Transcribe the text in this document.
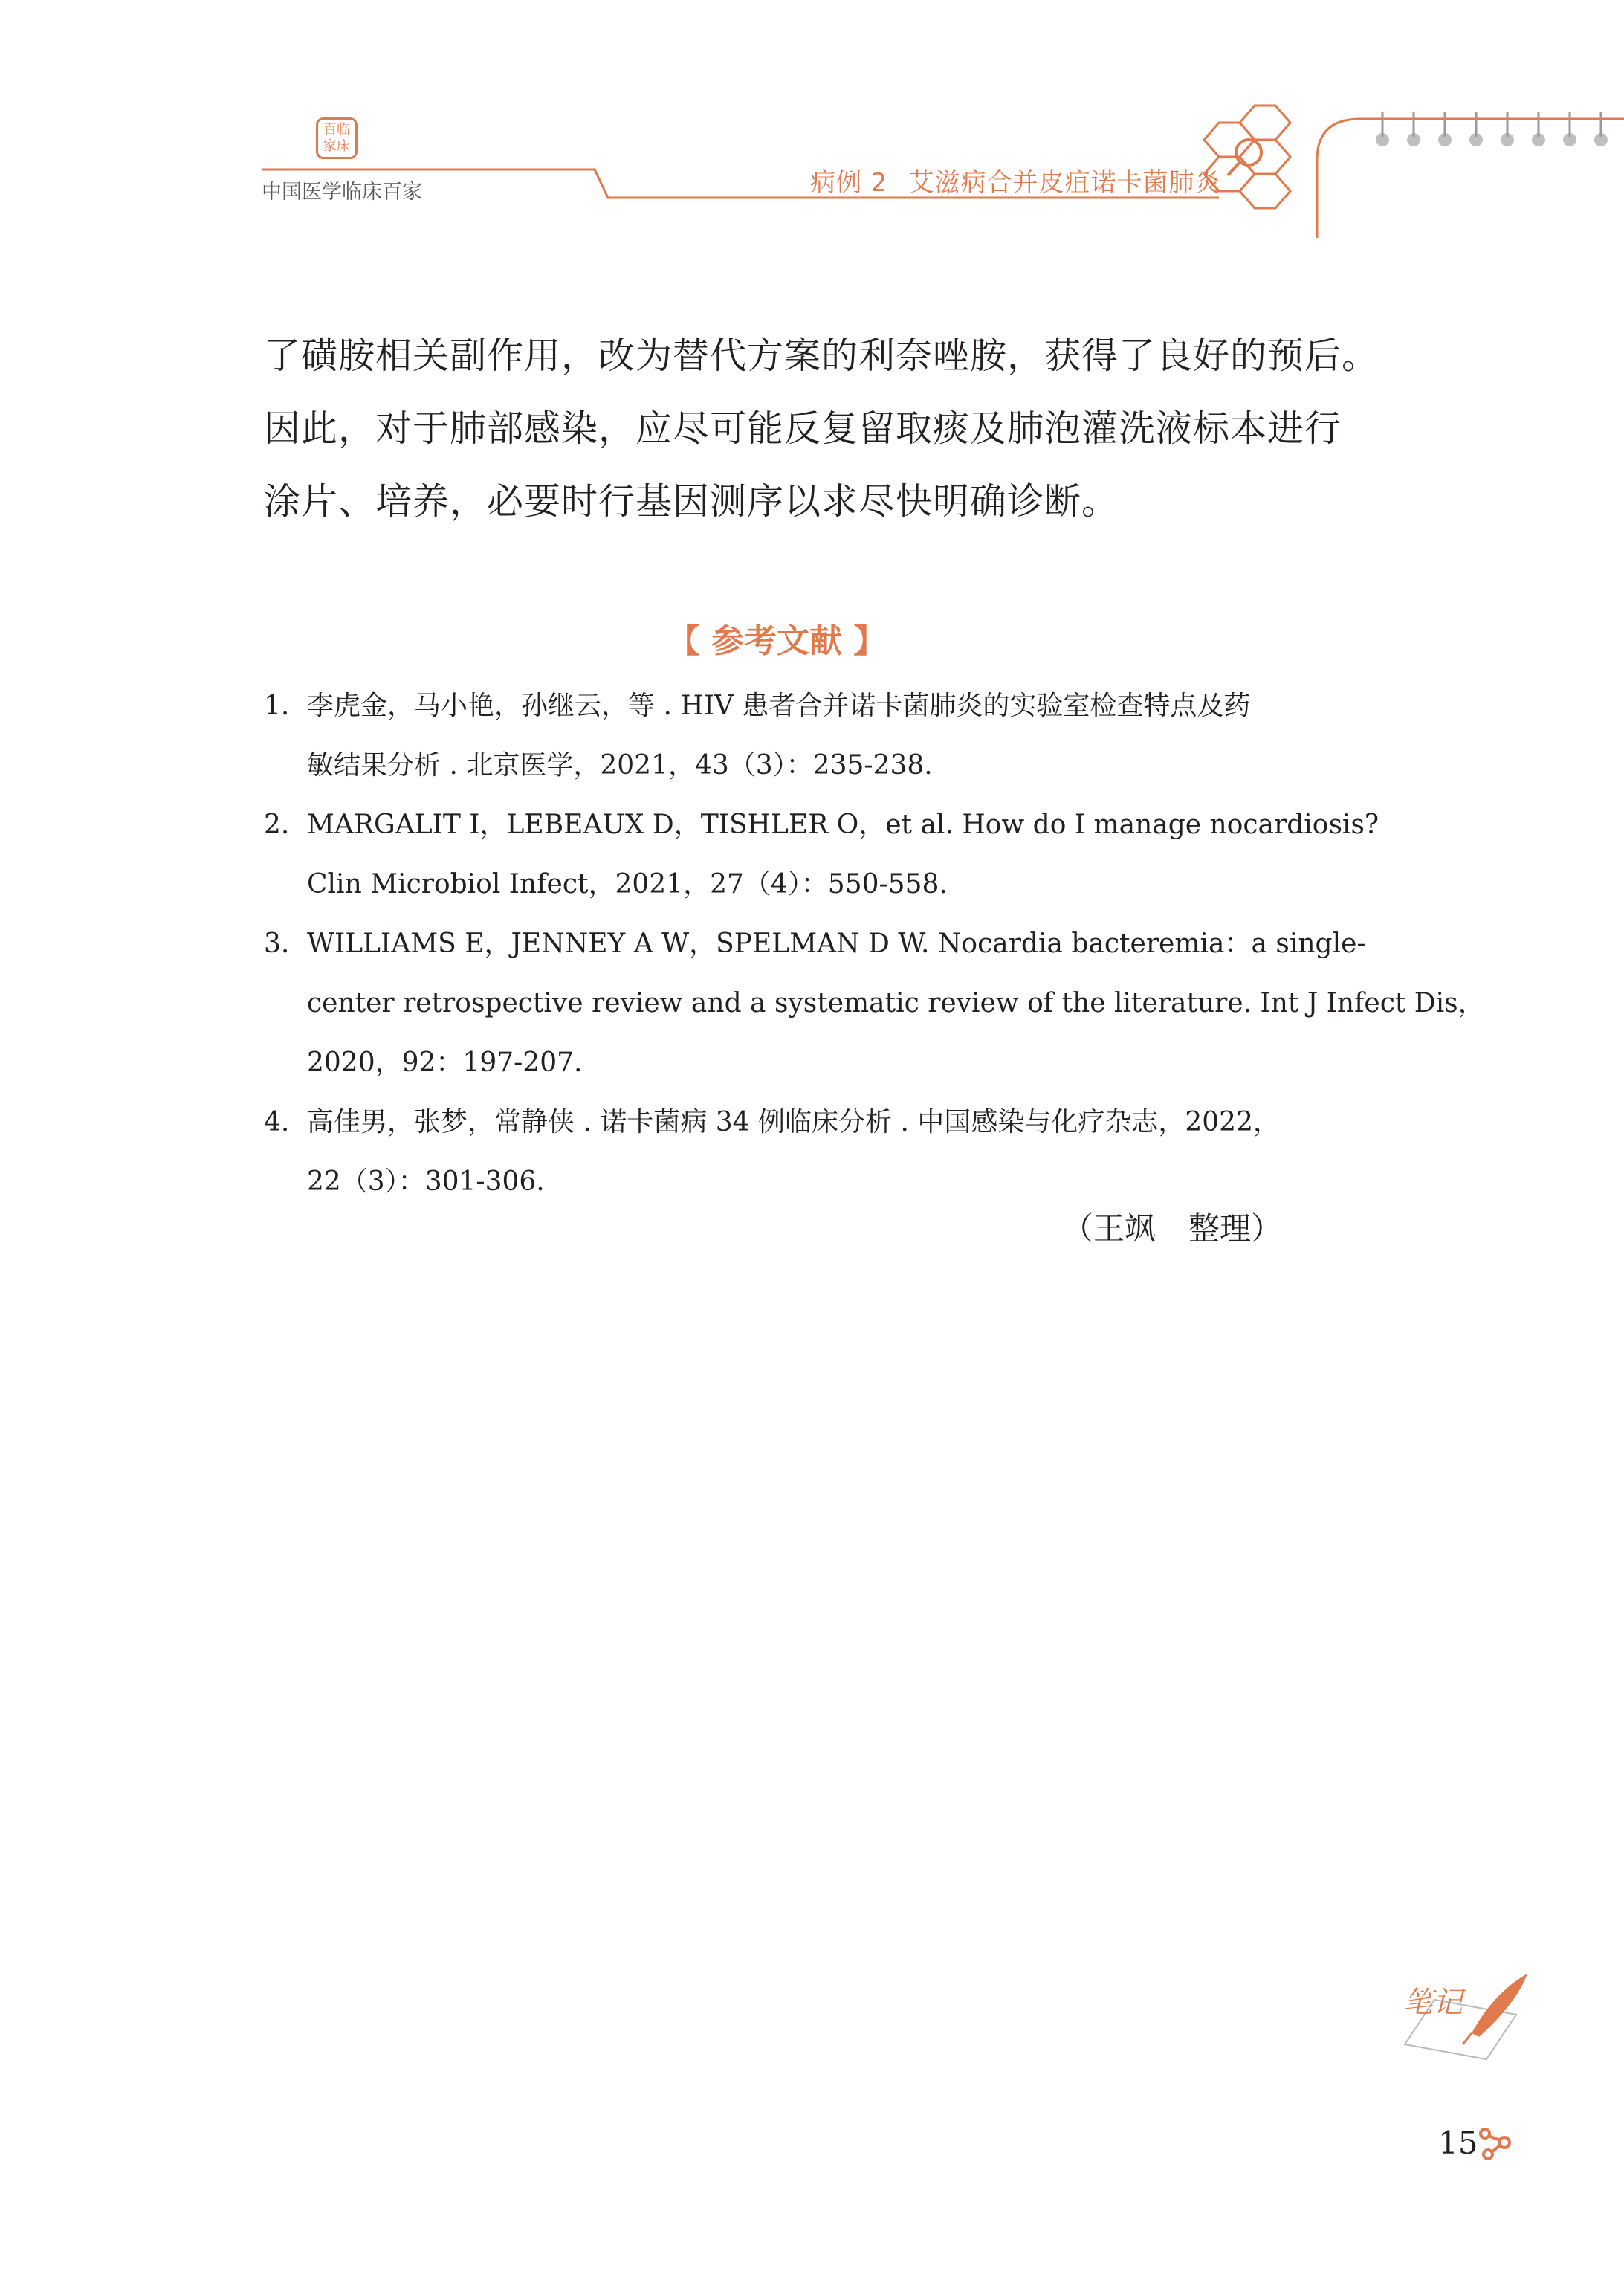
百临家床
中国医学临床百家	病例 2 艾滋病合并皮疽诺卡菌肺炎
了磺胺相关副作用，改为替代方案的利奈唑胺，获得了良好的预后。
因此，对于肺部感染，应尽可能反复留取痰及肺泡灌洗液标本进行
涂片、培养，必要时行基因测序以求尽快明确诊断。
【 参考文献 】
1. 李虎金，马小艳，孙继云，等 . HIV 患者合并诺卡菌肺炎的实验室检查特点及药
敏结果分析 . 北京医学，2021，43（3）：235-238.
2. MARGALIT I，LEBEAUX D，TISHLER O，et al. How do I manage nocardiosis?
Clin Microbiol Infect，2021，27（4）：550-558.
3. WILLIAMS E，JENNEY A W，SPELMAN D W. Nocardia bacteremia：a single-
center retrospective review and a systematic review of the literature. Int J Infect Dis，
2020，92：197-207.
4. 高佳男，张梦，常静侠 . 诺卡菌病 34 例临床分析 . 中国感染与化疗杂志，2022，
22（3）：301-306.
（王飒 整理）
笔记
15
